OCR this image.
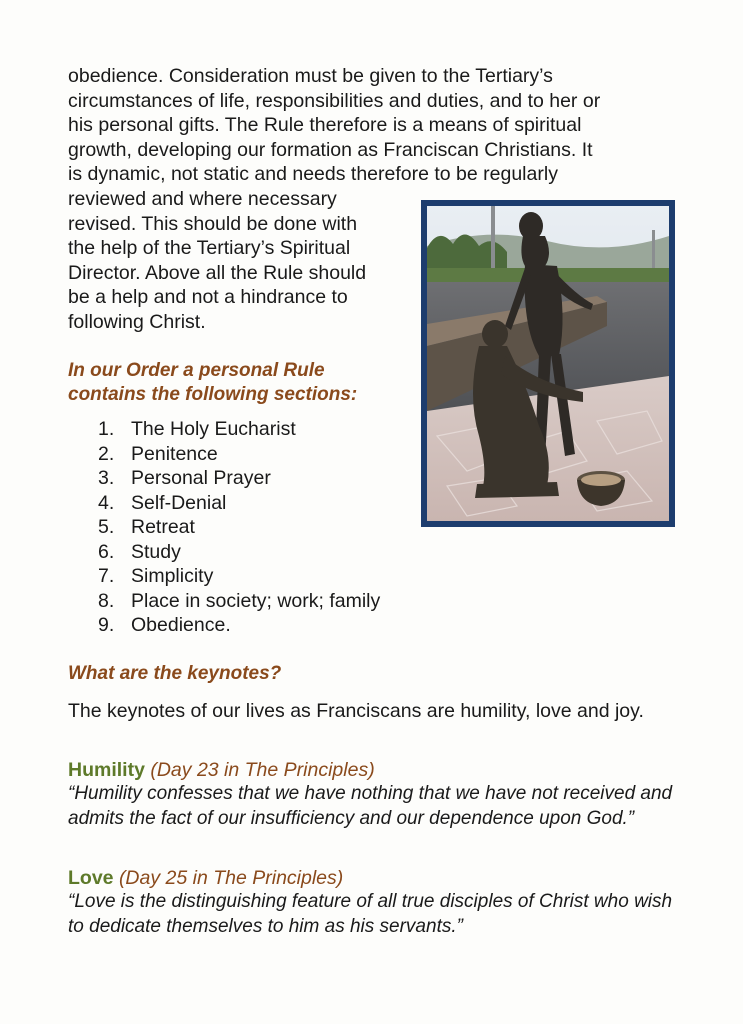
obedience. Consideration must be given to the Tertiary’s
circumstances of life, responsibilities and duties, and to her or
his personal gifts. The Rule therefore is a means of spiritual
growth, developing our formation as Franciscan Christians. It
is dynamic, not static and needs therefore to be regularly

reviewed and where necessary
revised. This should be done with
the help of the Tertiary’s Spiritual
Director. Above all the Rule should
be a help and not a hindrance to
following Christ.

In our Order a personal Rule
contains the following sections:

1. The Holy Eucharist
2. Penitence
3. Personal Prayer
4. Self-Denial
5. Retreat
6. Study
7. Simplicity
8. Place in society; work; family
9. Obedience.

What are the keynotes?

The keynotes of our lives as Franciscans are humility, love and joy.

Humility (Day 23 in The Principles)

“Humility confesses that we have nothing that we have not received and admits the fact of our insufficiency and our dependence upon God.”

Love (Day 25 in The Principles)

“Love is the distinguishing feature of all true disciples of Christ who wish to dedicate themselves to him as his servants.”
